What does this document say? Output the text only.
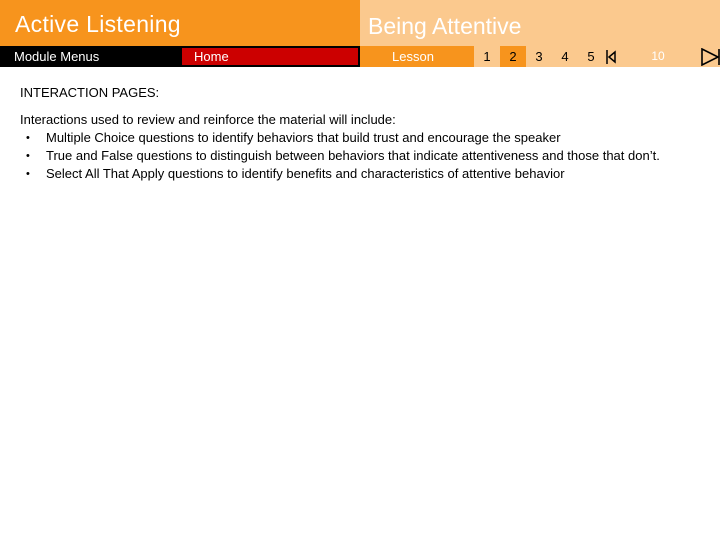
Active Listening	Being Attentive
Module Menus	Home	Lesson	1	2	3	4	5	10
INTERACTION PAGES:
Interactions used to review and reinforce the material will include:
• Multiple Choice questions to identify behaviors that build trust and encourage the speaker
• True and False questions to distinguish between behaviors that indicate attentiveness and those that don’t.
• Select All That Apply questions to identify benefits and characteristics of attentive behavior
